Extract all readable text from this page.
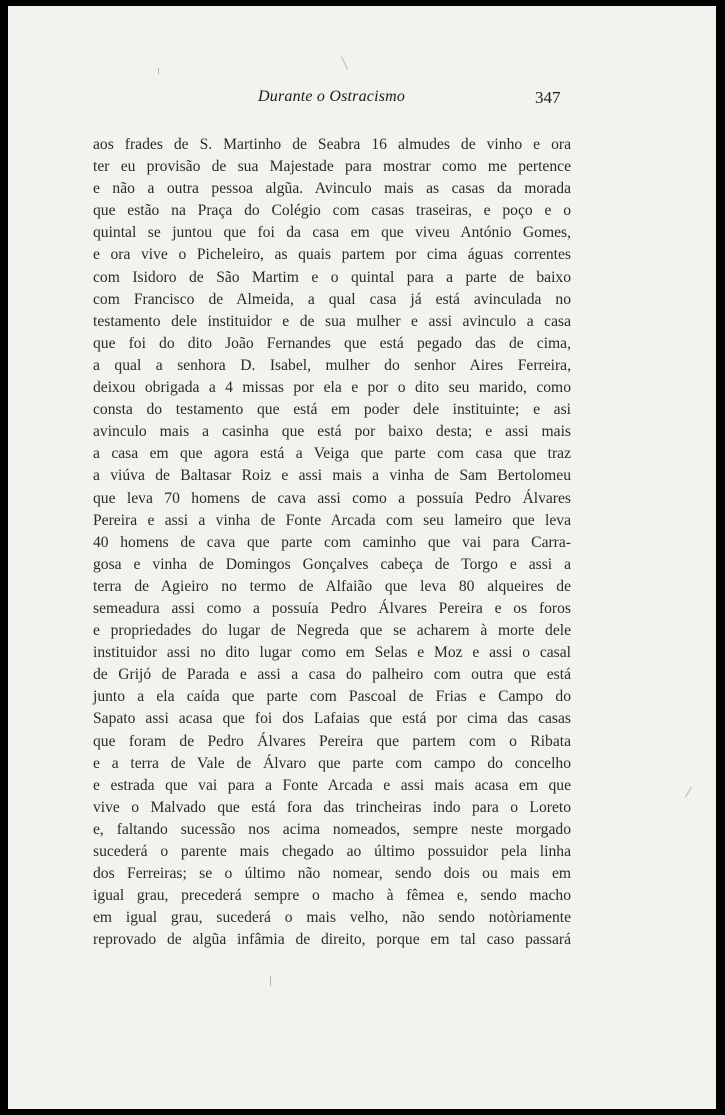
Durante o Ostracismo	347
aos frades de S. Martinho de Seabra 16 almudes de vinho e ora
ter eu provisão de sua Majestade para mostrar como me pertence
e não a outra pessoa algũa. Avinculo mais as casas da morada
que estão na Praça do Colégio com casas traseiras, e poço e o
quintal se juntou que foi da casa em que viveu António Gomes,
e ora vive o Picheleiro, as quais partem por cima águas correntes
com Isidoro de São Martim e o quintal para a parte de baixo
com Francisco de Almeida, a qual casa já está avinculada no
testamento dele instituidor e de sua mulher e assi avinculo a casa
que foi do dito João Fernandes que está pegado das de cima,
a qual a senhora D. Isabel, mulher do senhor Aires Ferreira,
deixou obrigada a 4 missas por ela e por o dito seu marido, como
consta do testamento que está em poder dele instituinte; e asi
avinculo mais a casinha que está por baixo desta; e assi mais
a casa em que agora está a Veiga que parte com casa que traz
a viúva de Baltasar Roiz e assi mais a vinha de Sam Bertolomeu
que leva 70 homens de cava assi como a possuía Pedro Álvares
Pereira e assi a vinha de Fonte Arcada com seu lameiro que leva
40 homens de cava que parte com caminho que vai para Carra-
gosa e vinha de Domingos Gonçalves cabeça de Torgo e assi a
terra de Agieiro no termo de Alfaião que leva 80 alqueires de
semeadura assi como a possuía Pedro Álvares Pereira e os foros
e propriedades do lugar de Negreda que se acharem à morte dele
instituidor assi no dito lugar como em Selas e Moz e assi o casal
de Grijó de Parada e assi a casa do palheiro com outra que está
junto a ela caída que parte com Pascoal de Frias e Campo do
Sapato assi acasa que foi dos Lafaias que está por cima das casas
que foram de Pedro Álvares Pereira que partem com o Ribata
e a terra de Vale de Álvaro que parte com campo do concelho
e estrada que vai para a Fonte Arcada e assi mais acasa em que
vive o Malvado que está fora das trincheiras indo para o Loreto
e, faltando sucessão nos acima nomeados, sempre neste morgado
sucederá o parente mais chegado ao último possuidor pela linha
dos Ferreiras; se o último não nomear, sendo dois ou mais em
igual grau, precederá sempre o macho à fêmea e, sendo macho
em igual grau, sucederá o mais velho, não sendo notòriamente
reprovado de algũa infâmia de direito, porque em tal caso passará
